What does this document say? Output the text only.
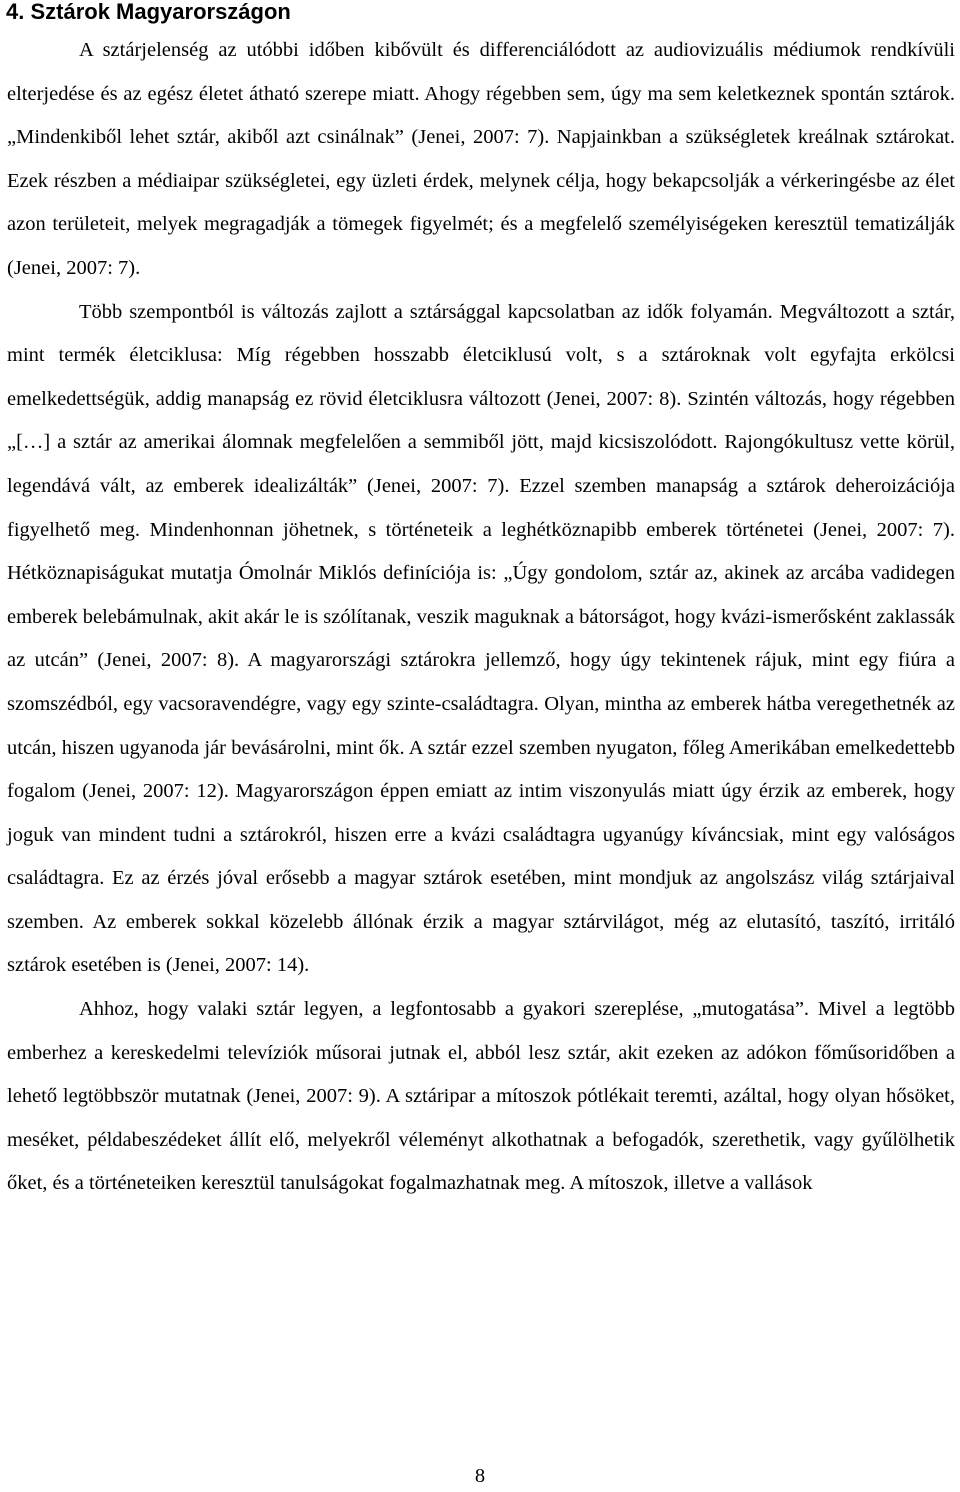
4. Sztárok Magyarországon

A sztárjelenség az utóbbi időben kibővült és differenciálódott az audiovizuális médiumok rendkívüli elterjedése és az egész életet átható szerepe miatt. Ahogy régebben sem, úgy ma sem keletkeznek spontán sztárok. „Mindenkiből lehet sztár, akiből azt csinálnak” (Jenei, 2007: 7). Napjainkban a szükségletek kreálnak sztárokat. Ezek részben a médiaipar szükségletei, egy üzleti érdek, melynek célja, hogy bekapcsolják a vérkeringésbe az élet azon területeit, melyek megragadják a tömegek figyelmét; és a megfelelő személyiségeken keresztül tematizálják (Jenei, 2007: 7).

Több szempontból is változás zajlott a sztársággal kapcsolatban az idők folyamán. Megváltozott a sztár, mint termék életciklusa: Míg régebben hosszabb életciklusú volt, s a sztároknak volt egyfajta erkölcsi emelkedettségük, addig manapság ez rövid életciklusra változott (Jenei, 2007: 8). Szintén változás, hogy régebben „[…] a sztár az amerikai álomnak megfelelően a semmiből jött, majd kicsiszolódott. Rajongókultusz vette körül, legendává vált, az emberek idealizálták” (Jenei, 2007: 7). Ezzel szemben manapság a sztárok deheroizációja figyelhető meg. Mindenhonnan jöhetnek, s történeteik a leghétköznapibb emberek történetei (Jenei, 2007: 7). Hétköznapiságukat mutatja Ómolnár Miklós definíciója is: „Úgy gondolom, sztár az, akinek az arcába vadidegen emberek belebámulnak, akit akár le is szólítanak, veszik maguknak a bátorságot, hogy kvázi-ismerősként zaklassák az utcán” (Jenei, 2007: 8). A magyarországi sztárokra jellemző, hogy úgy tekintenek rájuk, mint egy fiúra a szomszédból, egy vacsoravendégre, vagy egy szinte-családtagra. Olyan, mintha az emberek hátba veregethetnék az utcán, hiszen ugyanoda jár bevásárolni, mint ők. A sztár ezzel szemben nyugaton, főleg Amerikában emelkedettebb fogalom (Jenei, 2007: 12). Magyarországon éppen emiatt az intim viszonyulás miatt úgy érzik az emberek, hogy joguk van mindent tudni a sztárokról, hiszen erre a kvázi családtagra ugyanúgy kíváncsiak, mint egy valóságos családtagra. Ez az érzés jóval erősebb a magyar sztárok esetében, mint mondjuk az angolszász világ sztárjaival szemben. Az emberek sokkal közelebb állónak érzik a magyar sztárvilágot, még az elutasító, taszító, irritáló sztárok esetében is (Jenei, 2007: 14).

Ahhoz, hogy valaki sztár legyen, a legfontosabb a gyakori szereplése, „mutogatása”. Mivel a legtöbb emberhez a kereskedelmi televíziók műsorai jutnak el, abból lesz sztár, akit ezeken az adókon főműsoridőben a lehető legtöbbször mutatnak (Jenei, 2007: 9). A sztáripar a mítoszok pótlékait teremti, azáltal, hogy olyan hősöket, meséket, példabeszédeket állít elő, melyekről véleményt alkothatnak a befogadók, szerethetik, vagy gyűlölhetik őket, és a történeteiken keresztül tanulságokat fogalmazhatnak meg. A mítoszok, illetve a vallások

8
